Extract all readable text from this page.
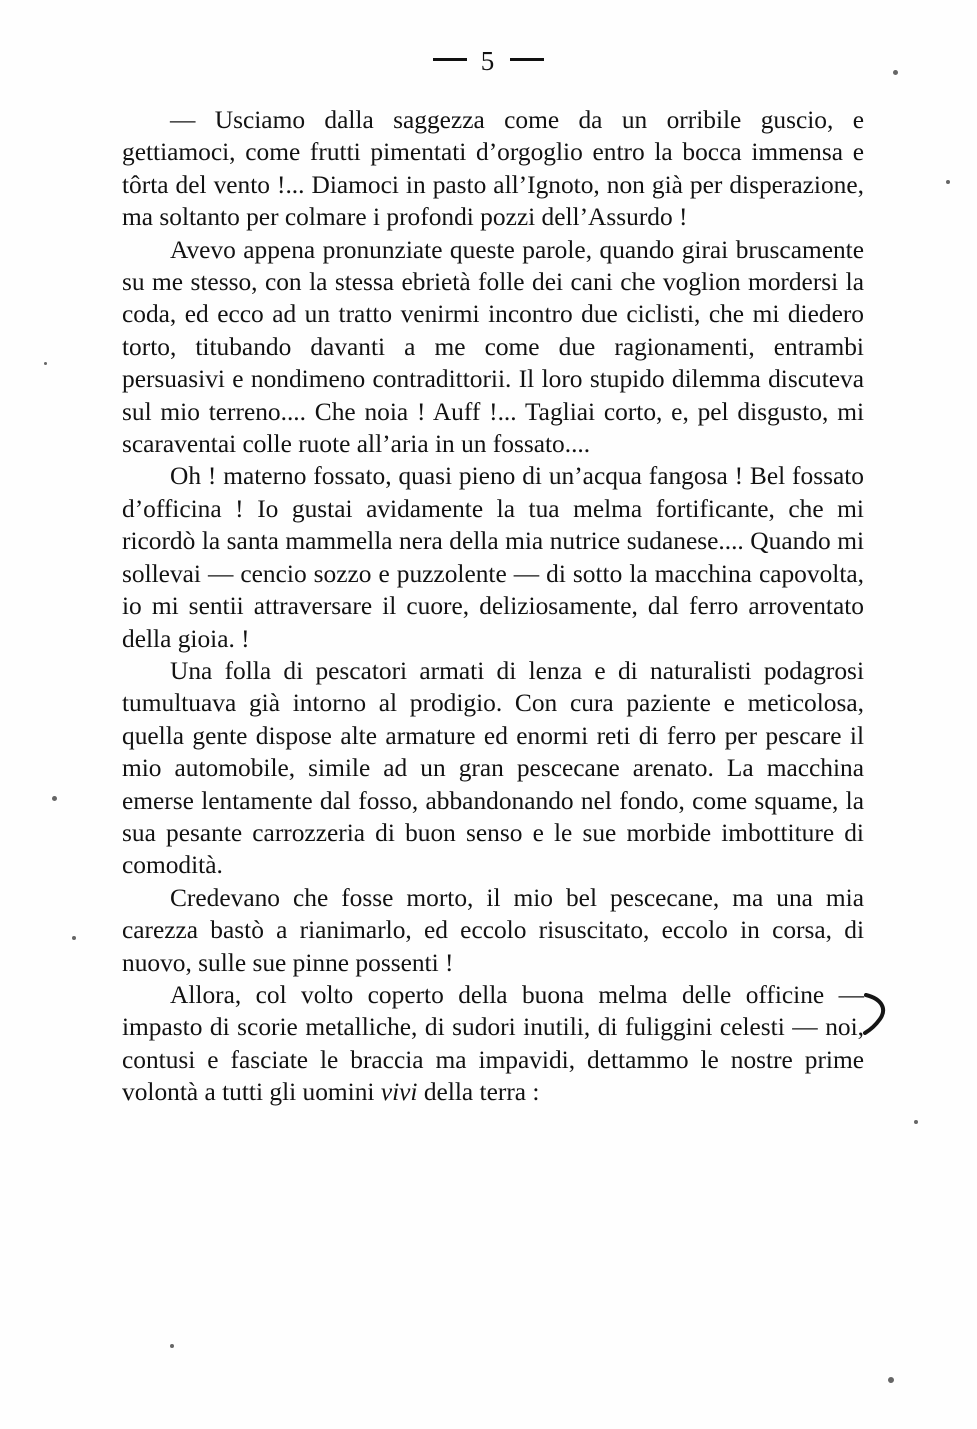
5

— Usciamo dalla saggezza come da un orribile guscio, e gettiamoci, come frutti pimentati d’orgoglio entro la bocca immensa e tôrta del vento !... Diamoci in pasto all’Ignoto, non già per disperazione, ma soltanto per colmare i profondi pozzi dell’Assurdo !

Avevo appena pronunziate queste parole, quando girai bruscamente su me stesso, con la stessa ebrietà folle dei cani che voglion mordersi la coda, ed ecco ad un tratto venirmi incontro due ciclisti, che mi diedero torto, titubando davanti a me come due ragionamenti, entrambi persuasivi e nondimeno contradittorii. Il loro stupido dilemma discuteva sul mio terreno.... Che noia ! Auff !... Tagliai corto, e, pel disgusto, mi scaraventai colle ruote all’aria in un fossato....

Oh ! materno fossato, quasi pieno di un’acqua fangosa ! Bel fossato d’officina ! Io gustai avidamente la tua melma fortificante, che mi ricordò la santa mammella nera della mia nutrice sudanese.... Quando mi sollevai — cencio sozzo e puzzolente — di sotto la macchina capovolta, io mi sentii attraversare il cuore, deliziosamente, dal ferro arroventato della gioia. !

Una folla di pescatori armati di lenza e di naturalisti podagrosi tumultuava già intorno al prodigio. Con cura paziente e meticolosa, quella gente dispose alte armature ed enormi reti di ferro per pescare il mio automobile, simile ad un gran pescecane arenato. La macchina emerse lentamente dal fosso, abbandonando nel fondo, come squame, la sua pesante carrozzeria di buon senso e le sue morbide imbottiture di comodità.

Credevano che fosse morto, il mio bel pescecane, ma una mia carezza bastò a rianimarlo, ed eccolo risuscitato, eccolo in corsa, di nuovo, sulle sue pinne possenti !

Allora, col volto coperto della buona melma delle officine — impasto di scorie metalliche, di sudori inutili, di fuliggini celesti — noi, contusi e fasciate le braccia ma impavidi, dettammo le nostre prime volontà a tutti gli uomini vivi della terra :
